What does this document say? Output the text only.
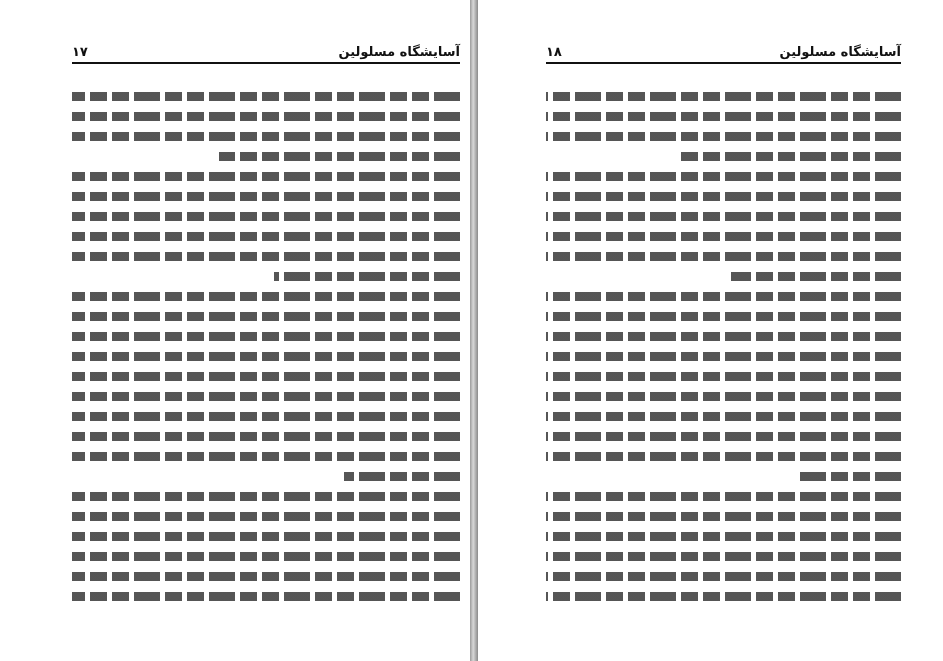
۱۷	آسایشگاه مسلولین	۱۸	آسایشگاه مسلولین
